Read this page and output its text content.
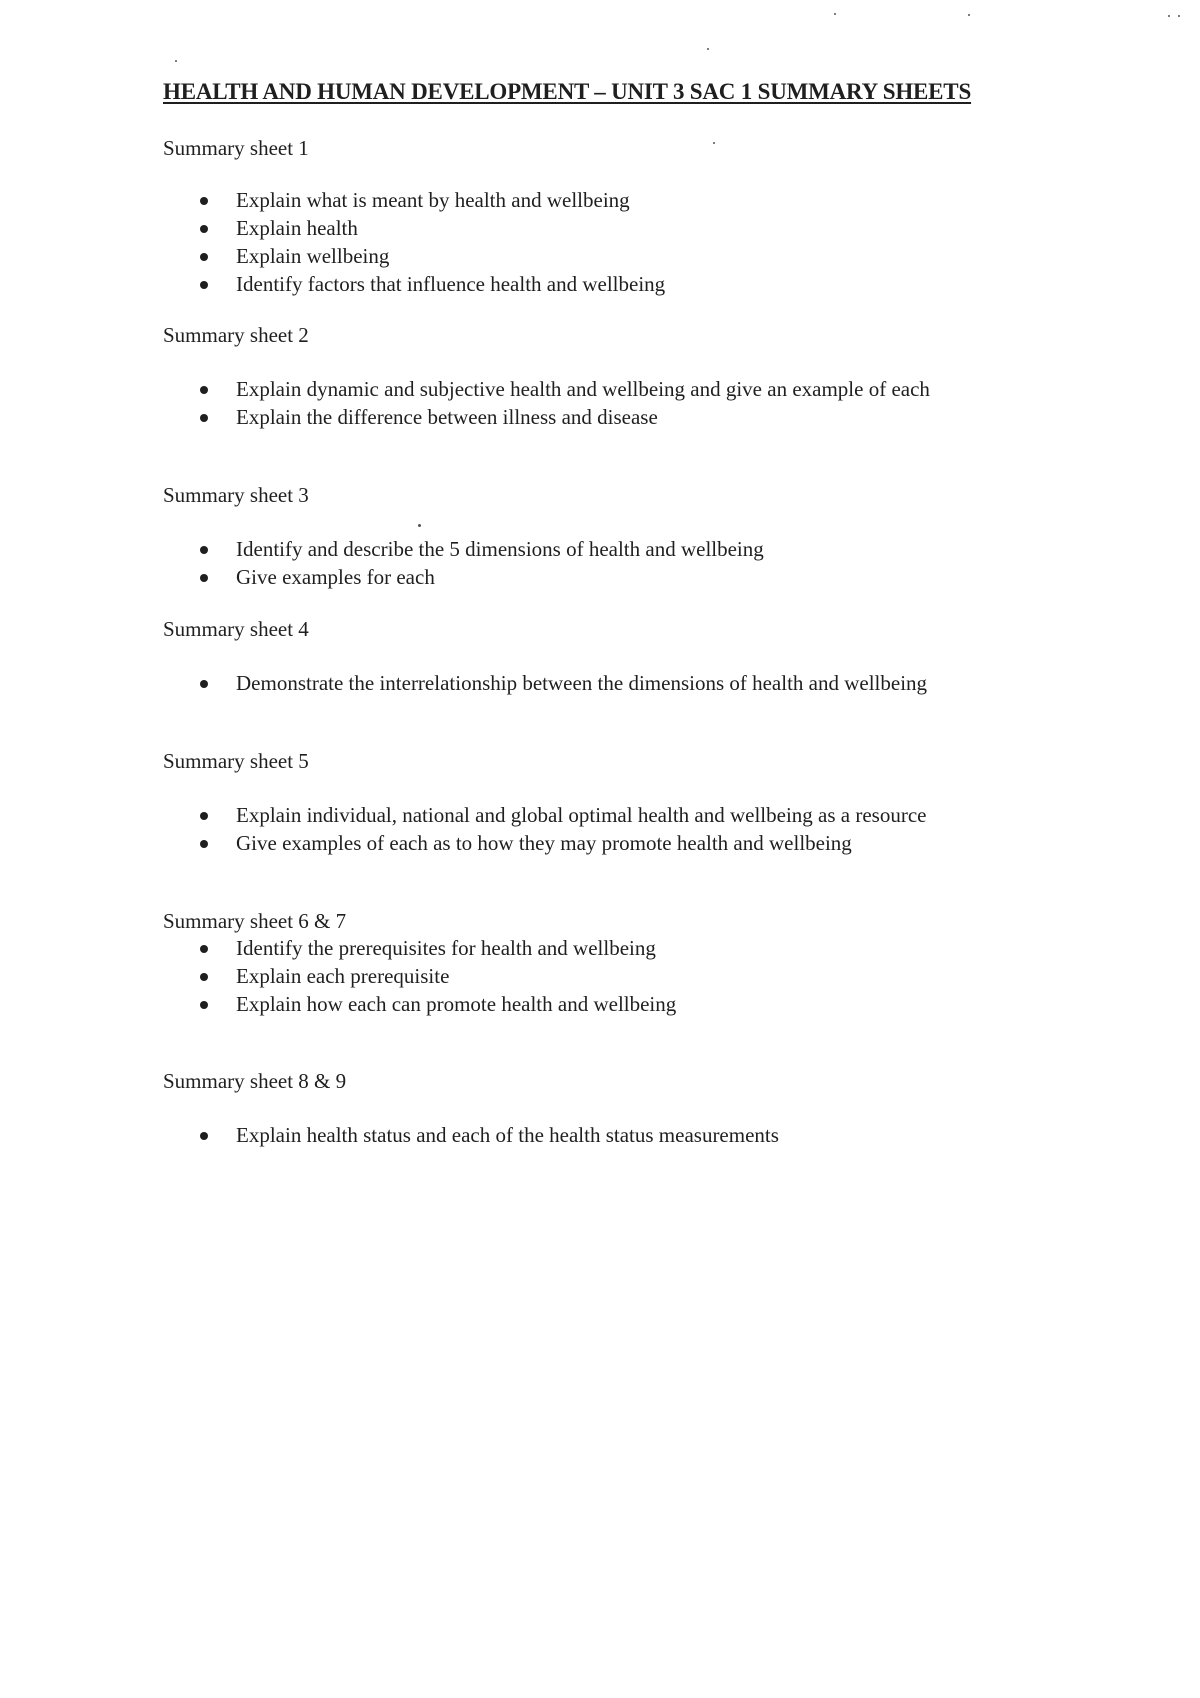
HEALTH AND HUMAN DEVELOPMENT – UNIT 3 SAC 1 SUMMARY SHEETS
Summary sheet 1
Explain what is meant by health and wellbeing
Explain health
Explain wellbeing
Identify factors that influence health and wellbeing
Summary sheet 2
Explain dynamic and subjective health and wellbeing and give an example of each
Explain the difference between illness and disease
Summary sheet 3
Identify and describe the 5 dimensions of health and wellbeing
Give examples for each
Summary sheet 4
Demonstrate the interrelationship between the dimensions of health and wellbeing
Summary sheet 5
Explain individual, national and global optimal health and wellbeing as a resource
Give examples of each as to how they may promote health and wellbeing
Summary sheet 6 & 7
Identify the prerequisites for health and wellbeing
Explain each prerequisite
Explain how each can promote health and wellbeing
Summary sheet 8 & 9
Explain health status and each of the health status measurements
